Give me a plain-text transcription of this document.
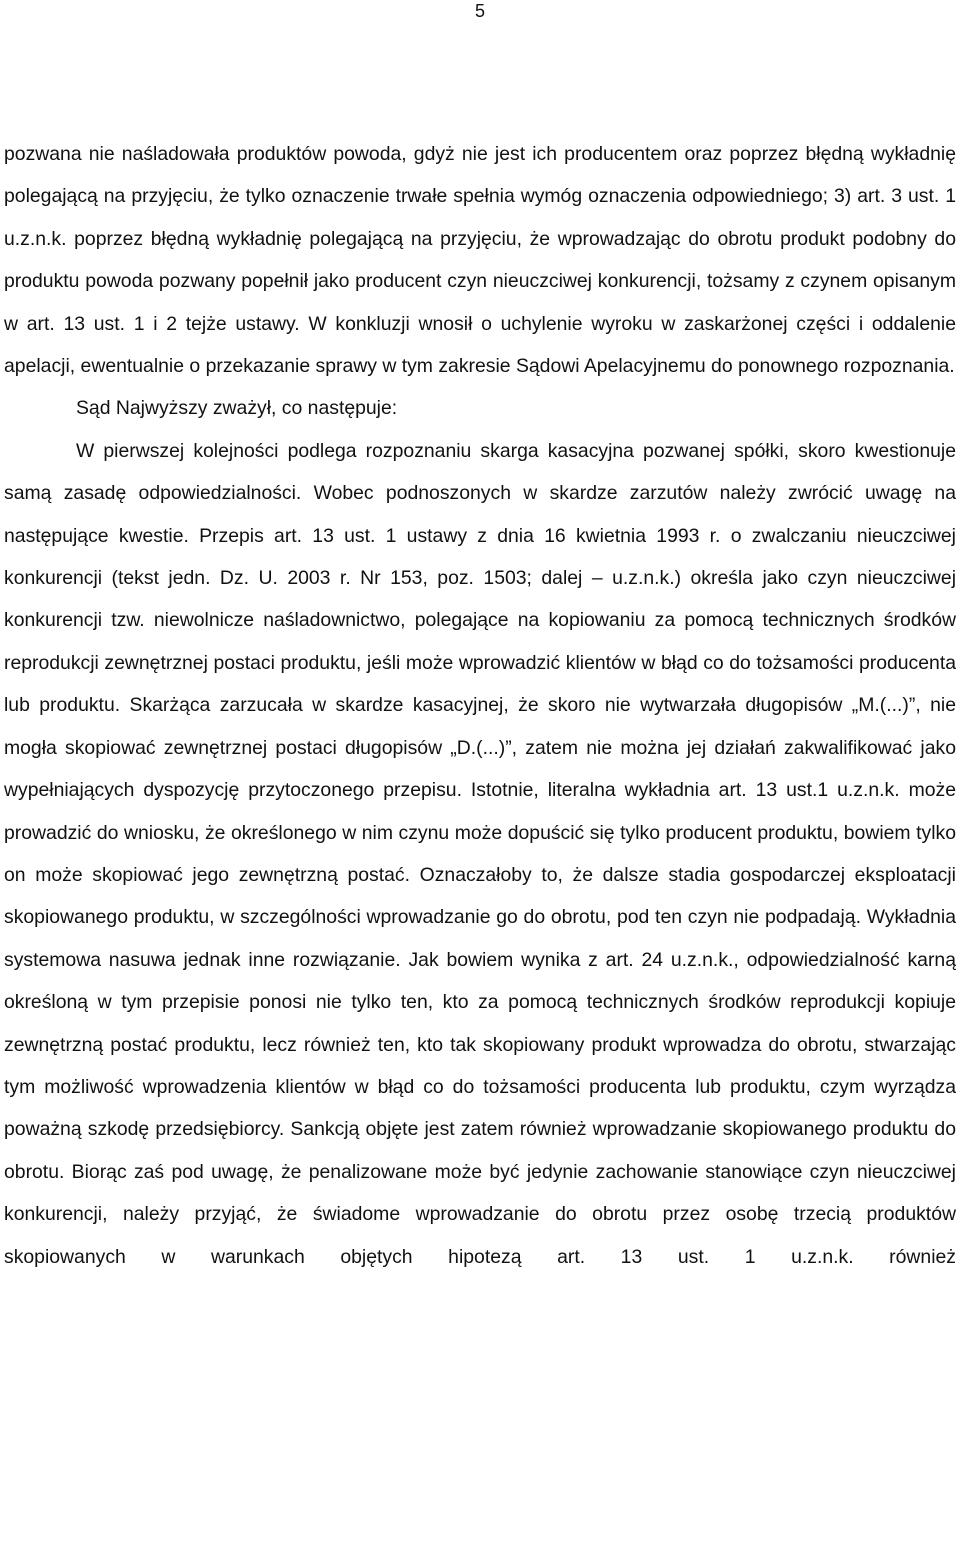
5

pozwana nie naśladowała produktów powoda, gdyż nie jest ich producentem oraz poprzez błędną wykładnię polegającą na przyjęciu, że tylko oznaczenie trwałe spełnia wymóg oznaczenia odpowiedniego; 3) art. 3 ust. 1 u.z.n.k. poprzez błędną wykładnię polegającą na przyjęciu, że wprowadzając do obrotu produkt podobny do produktu powoda pozwany popełnił jako producent czyn nieuczciwej konkurencji, tożsamy z czynem opisanym w art. 13 ust. 1 i 2 tejże ustawy. W konkluzji wnosił o uchylenie wyroku w zaskarżonej części i oddalenie apelacji, ewentualnie o przekazanie sprawy w tym zakresie Sądowi Apelacyjnemu do ponownego rozpoznania.

Sąd Najwyższy zważył, co następuje:

W pierwszej kolejności podlega rozpoznaniu skarga kasacyjna pozwanej spółki, skoro kwestionuje samą zasadę odpowiedzialności. Wobec podnoszonych w skardze zarzutów należy zwrócić uwagę na następujące kwestie. Przepis art. 13 ust. 1 ustawy z dnia 16 kwietnia 1993 r. o zwalczaniu nieuczciwej konkurencji (tekst jedn. Dz. U. 2003 r. Nr 153, poz. 1503; dalej – u.z.n.k.) określa jako czyn nieuczciwej konkurencji tzw. niewolnicze naśladownictwo, polegające na kopiowaniu za pomocą technicznych środków reprodukcji zewnętrznej postaci produktu, jeśli może wprowadzić klientów w błąd co do tożsamości producenta lub produktu. Skarżąca zarzucała w skardze kasacyjnej, że skoro nie wytwarzała długopisów „M.(...)”, nie mogła skopiować zewnętrznej postaci długopisów „D.(...)”, zatem nie można jej działań zakwalifikować jako wypełniających dyspozycję przytoczonego przepisu. Istotnie, literalna wykładnia art. 13 ust.1 u.z.n.k. może prowadzić do wniosku, że określonego w nim czynu może dopuścić się tylko producent produktu, bowiem tylko on może skopiować jego zewnętrzną postać. Oznaczałoby to, że dalsze stadia gospodarczej eksploatacji skopiowanego produktu, w szczególności wprowadzanie go do obrotu, pod ten czyn nie podpadają. Wykładnia systemowa nasuwa jednak inne rozwiązanie. Jak bowiem wynika z art. 24 u.z.n.k., odpowiedzialność karną określoną w tym przepisie ponosi nie tylko ten, kto za pomocą technicznych środków reprodukcji kopiuje zewnętrzną postać produktu, lecz również ten, kto tak skopiowany produkt wprowadza do obrotu, stwarzając tym możliwość wprowadzenia klientów w błąd co do tożsamości producenta lub produktu, czym wyrządza poważną szkodę przedsiębiorcy. Sankcją objęte jest zatem również wprowadzanie skopiowanego produktu do obrotu. Biorąc zaś pod uwagę, że penalizowane może być jedynie zachowanie stanowiące czyn nieuczciwej konkurencji, należy przyjąć, że świadome wprowadzanie do obrotu przez osobę trzecią produktów skopiowanych w warunkach objętych hipotezą art. 13 ust. 1 u.z.n.k. również
